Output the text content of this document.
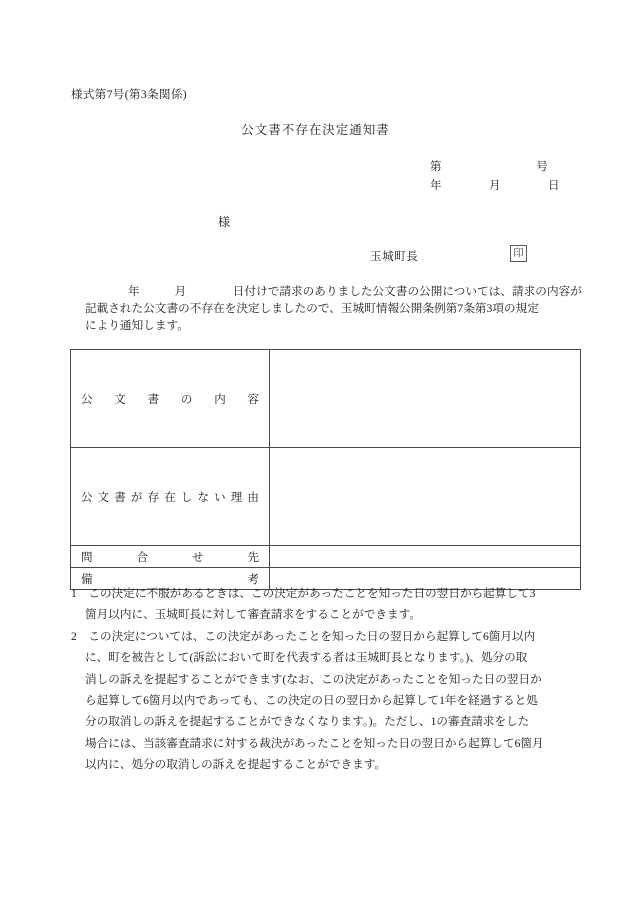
様式第7号(第3条関係)
公文書不存在決定通知書
第　　　　　　　　号
年　　　　月　　　　日
様
玉城町長	印
年　　　月　　　　日付けで請求のありました公文書の公開については、請求の内容が
記載された公文書の不存在を決定しましたので、玉城町情報公開条例第7条第3項の規定
により通知します。
公 文 書 の 内 容

公 文 書 が 存 在 し な い 理 由

問 合 せ 先	

備 考	

1　この決定に不服があるときは、この決定があったことを知った日の翌日から起算して3
箇月以内に、玉城町長に対して審査請求をすることができます。
2　この決定については、この決定があったことを知った日の翌日から起算して6箇月以内
に、町を被告として(訴訟において町を代表する者は玉城町長となります。)、処分の取
消しの訴えを提起することができます(なお、この決定があったことを知った日の翌日か
ら起算して6箇月以内であっても、この決定の日の翌日から起算して1年を経過すると処
分の取消しの訴えを提起することができなくなります。)。ただし、1の審査請求をした
場合には、当該審査請求に対する裁決があったことを知った日の翌日から起算して6箇月
以内に、処分の取消しの訴えを提起することができます。
